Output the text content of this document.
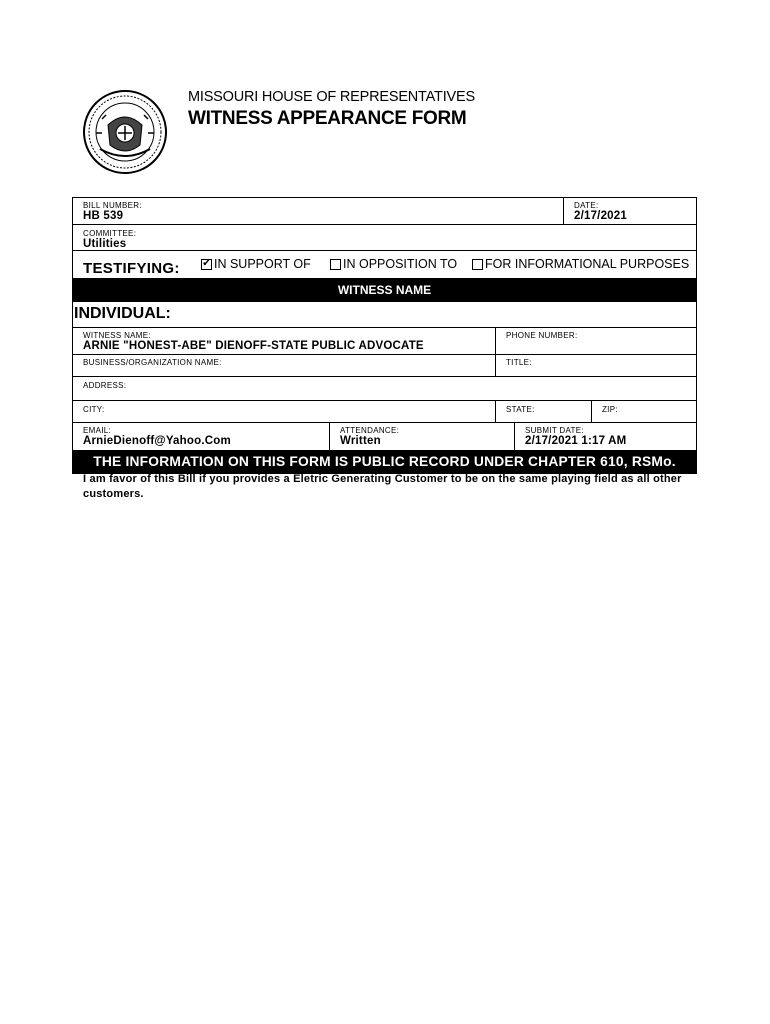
MISSOURI HOUSE OF REPRESENTATIVES
WITNESS APPEARANCE FORM
BILL NUMBER:
HB 539
DATE:
2/17/2021
COMMITTEE:
Utilities
TESTIFYING: ✔ IN SUPPORT OF	IN OPPOSITION TO FOR INFORMATIONAL PURPOSES
WITNESS NAME
INDIVIDUAL:
WITNESS NAME:
ARNIE "HONEST-ABE" DIENOFF-STATE PUBLIC ADVOCATE
PHONE NUMBER:
BUSINESS/ORGANIZATION NAME:	TITLE:
ADDRESS:
CITY:	STATE:	ZIP:
EMAIL:
ArnieDienoff@Yahoo.Com
ATTENDANCE:
Written
SUBMIT DATE:
2/17/2021 1:17 AM
THE INFORMATION ON THIS FORM IS PUBLIC RECORD UNDER CHAPTER 610, RSMo.
I am favor of this Bill if you provides a Eletric Generating Customer to be on the same playing field as all other customers.
